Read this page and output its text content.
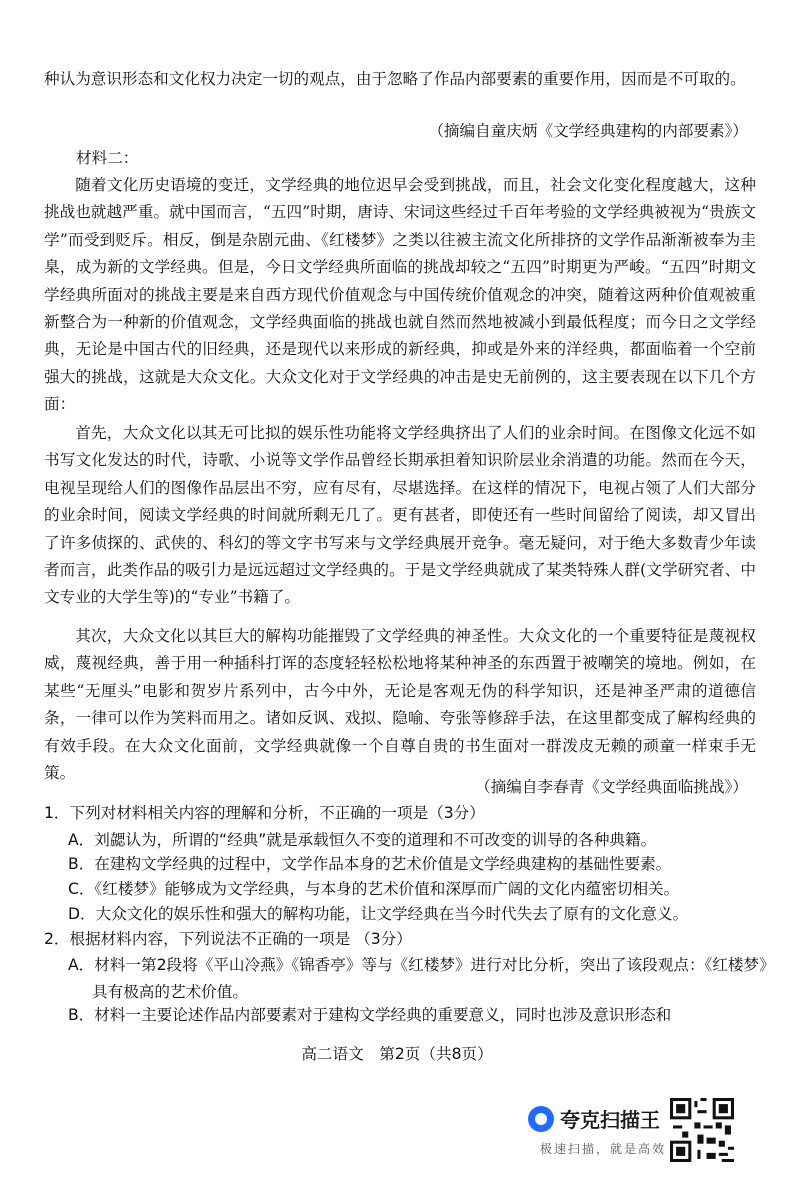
种认为意识形态和文化权力决定一切的观点，由于忽略了作品内部要素的重要作用，因而是不可取的。

（摘编自童庆炳《文学经典建构的内部要素》）

材料二：

随着文化历史语境的变迁，文学经典的地位迟早会受到挑战，而且，社会文化变化程度越大，这种挑战也就越严重。就中国而言，“五四”时期，唐诗、宋词这些经过千百年考验的文学经典被视为“贵族文学”而受到贬斥。相反，倒是杂剧元曲、《红楼梦》之类以往被主流文化所排挤的文学作品渐渐被奉为圭臬，成为新的文学经典。但是，今日文学经典所面临的挑战却较之“五四”时期更为严峻。“五四”时期文学经典所面对的挑战主要是来自西方现代价值观念与中国传统价值观念的冲突，随着这两种价值观被重新整合为一种新的价值观念，文学经典面临的挑战也就自然而然地被减小到最低程度；而今日之文学经典，无论是中国古代的旧经典，还是现代以来形成的新经典，抑或是外来的洋经典，都面临着一个空前强大的挑战，这就是大众文化。大众文化对于文学经典的冲击是史无前例的，这主要表现在以下几个方面：

首先，大众文化以其无可比拟的娱乐性功能将文学经典挤出了人们的业余时间。在图像文化远不如书写文化发达的时代，诗歌、小说等文学作品曾经长期承担着知识阶层业余消遣的功能。然而在今天，电视呈现给人们的图像作品层出不穷，应有尽有，尽堪选择。在这样的情况下，电视占领了人们大部分的业余时间，阅读文学经典的时间就所剩无几了。更有甚者，即使还有一些时间留给了阅读，却又冒出了许多侦探的、武侠的、科幻的等文字书写来与文学经典展开竞争。毫无疑问，对于绝大多数青少年读者而言，此类作品的吸引力是远远超过文学经典的。于是文学经典就成了某类特殊人群(文学研究者、中文专业的大学生等)的“专业”书籍了。

其次，大众文化以其巨大的解构功能摧毁了文学经典的神圣性。大众文化的一个重要特征是蔑视权威，蔑视经典，善于用一种插科打诨的态度轻轻松松地将某种神圣的东西置于被嘲笑的境地。例如，在某些“无厘头”电影和贺岁片系列中，古今中外，无论是客观无伪的科学知识，还是神圣严肃的道德信条，一律可以作为笑料而用之。诸如反讽、戏拟、隐喻、夸张等修辞手法，在这里都变成了解构经典的有效手段。在大众文化面前，文学经典就像一个自尊自贵的书生面对一群泼皮无赖的顽童一样束手无策。

（摘编自李春青《文学经典面临挑战》）

1．下列对材料相关内容的理解和分析，不正确的一项是（3分）

A．刘勰认为，所谓的“经典”就是承载恒久不变的道理和不可改变的训导的各种典籍。

B．在建构文学经典的过程中，文学作品本身的艺术价值是文学经典建构的基础性要素。

C．《红楼梦》能够成为文学经典，与本身的艺术价值和深厚而广阔的文化内蕴密切相关。

D．大众文化的娱乐性和强大的解构功能，让文学经典在当今时代失去了原有的文化意义。

2．根据材料内容，下列说法不正确的一项是 （3分）

A．材料一第2段将《平山冷燕》《锦香亭》等与《红楼梦》进行对比分析，突出了该段观点：《红楼梦》具有极高的艺术价值。

B．材料一主要论述作品内部要素对于建构文学经典的重要意义，同时也涉及意识形态和

高二语文　第2页（共8页）
夸克扫描王
极速扫描，就是高效
